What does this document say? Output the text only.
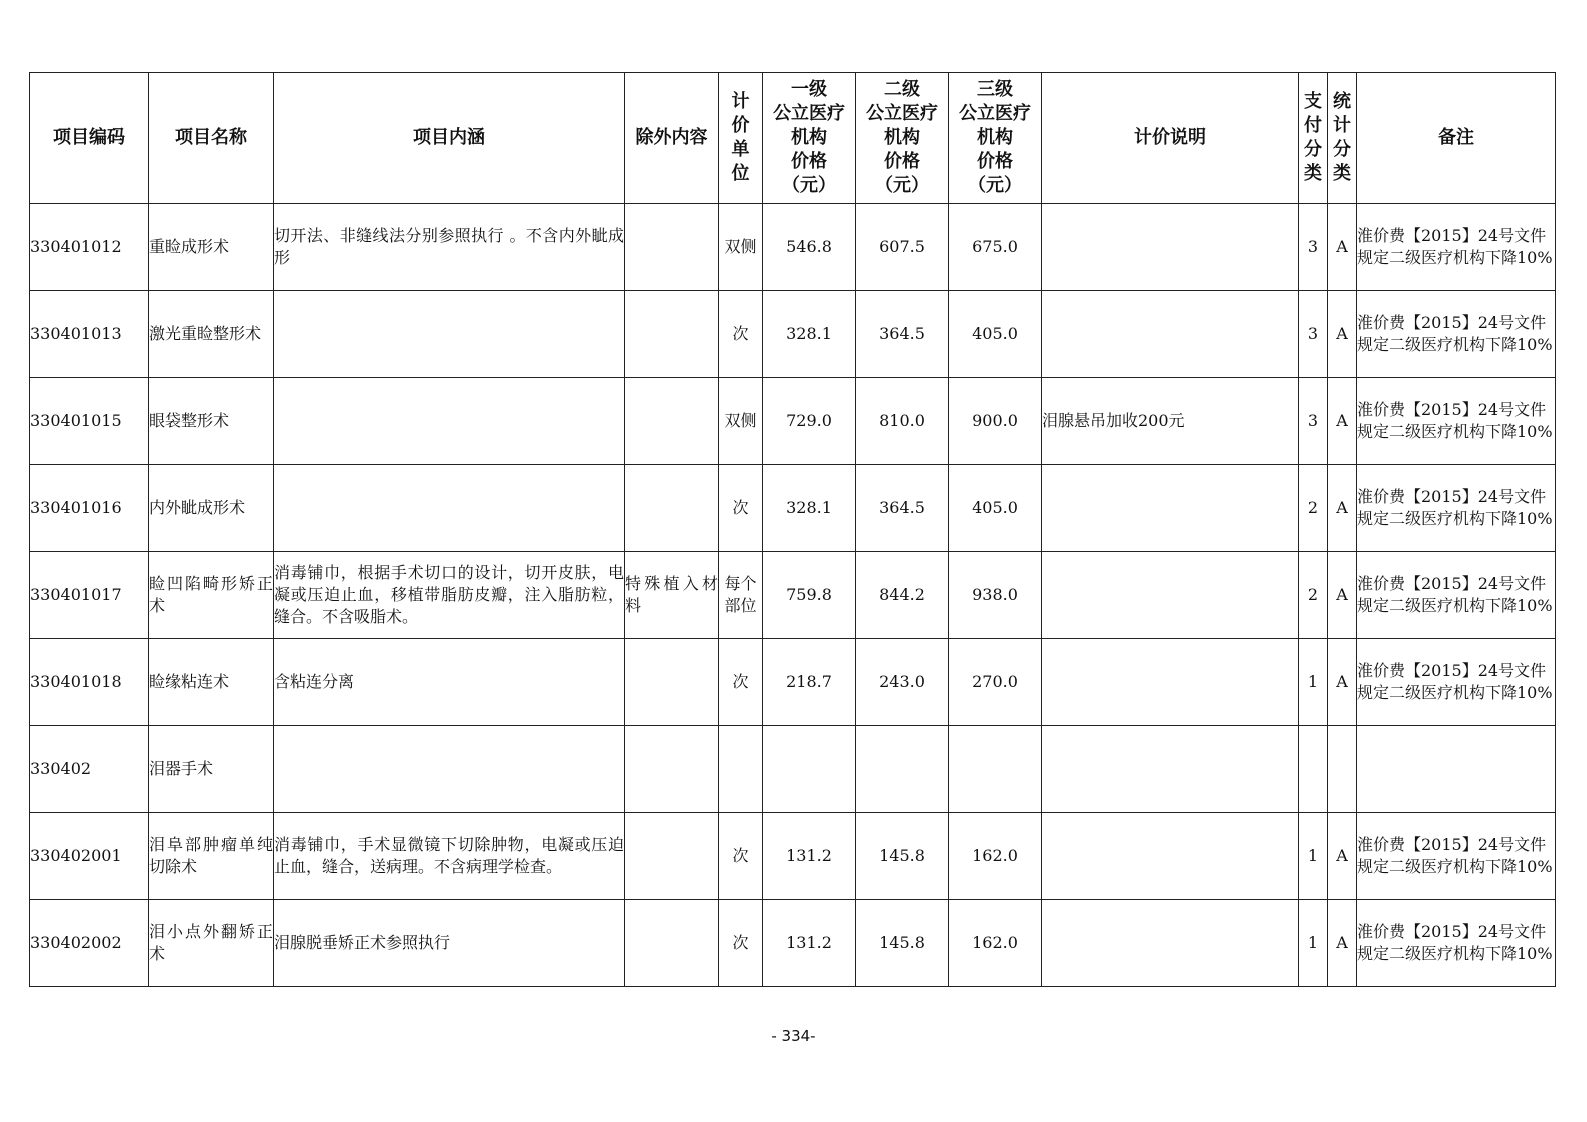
项目编码	项目名称	项目内涵	除外内容	计
价
单
位	一级
公立医疗
机构
价格
（元）	二级
公立医疗
机构
价格
（元）	三级
公立医疗
机构
价格
（元）	计价说明	支
付
分
类	统
计
分
类	备注
330401012	重睑成形术	切开法、非缝线法分别参照执行 。不含内外眦成形		双侧	546.8	607.5	675.0		3	A	淮价费【2015】24号文件规定二级医疗机构下降10%
330401013	激光重睑整形术			次	328.1	364.5	405.0		3	A	淮价费【2015】24号文件规定二级医疗机构下降10%
330401015	眼袋整形术			双侧	729.0	810.0	900.0	泪腺悬吊加收200元	3	A	淮价费【2015】24号文件规定二级医疗机构下降10%
330401016	内外眦成形术			次	328.1	364.5	405.0		2	A	淮价费【2015】24号文件规定二级医疗机构下降10%
330401017	睑凹陷畸形矫正术	消毒铺巾，根据手术切口的设计，切开皮肤，电凝或压迫止血，移植带脂肪皮瓣，注入脂肪粒，缝合。不含吸脂术。	特殊植入材料	每个部位	759.8	844.2	938.0		2	A	淮价费【2015】24号文件规定二级医疗机构下降10%
330401018	睑缘粘连术	含粘连分离		次	218.7	243.0	270.0		1	A	淮价费【2015】24号文件规定二级医疗机构下降10%
330402	泪器手术										
330402001	泪阜部肿瘤单纯切除术	消毒铺巾，手术显微镜下切除肿物，电凝或压迫止血，缝合，送病理。不含病理学检查。		次	131.2	145.8	162.0		1	A	淮价费【2015】24号文件规定二级医疗机构下降10%
330402002	泪小点外翻矫正术	泪腺脱垂矫正术参照执行		次	131.2	145.8	162.0		1	A	淮价费【2015】24号文件规定二级医疗机构下降10%
- 334-
